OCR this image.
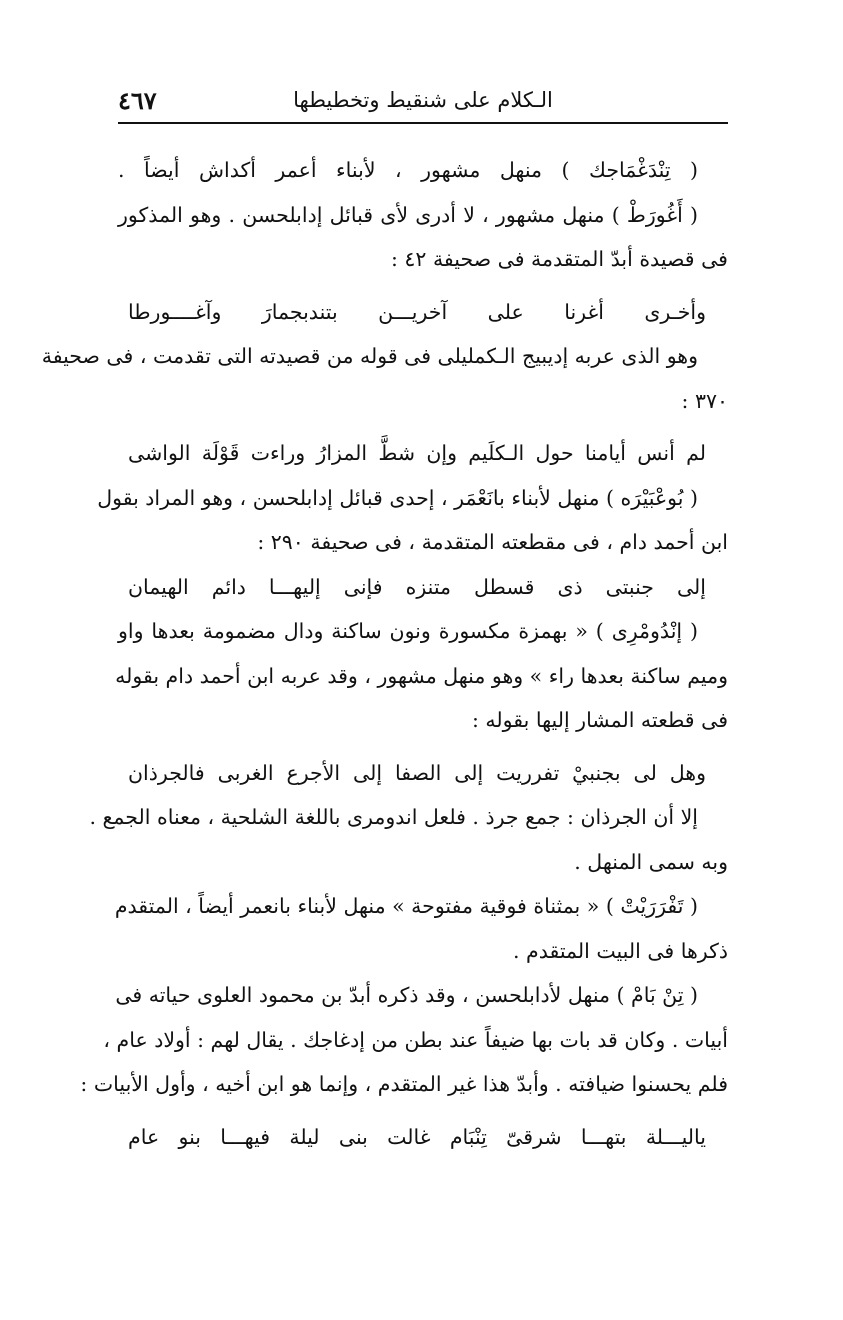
الـكلام على شنقيط وتخطيطها
٤٦٧
( تِنْدَغْمَاجك ) منهل مشهور ، لأبناء أعمر أكداش أيضاً .
( أَغُورَطْ ) منهل مشهور ، لا أدرى لأى قبائل إدابلحسن . وهو المذكور
فى قصيدة أبدّ المتقدمة فى صحيفة ٤٢ :
وأخـرى أغرنا على آخريـــن بتندبجمارَ وآغــــورطا
وهو الذى عربه إديبيج الـكمليلى فى قوله من قصيدته التى تقدمت ، فى صحيفة
٣٧٠ :
لم أنس أيامنا حول الـكلَيم وإن شطَّ المزارُ وراءت قَوْلَة الواشى
( بُوعْبَيْرَه ) منهل لأبناء بانَعْمَر ، إحدى قبائل إدابلحسن ، وهو المراد بقول
ابن أحمد دام ، فى مقطعته المتقدمة ، فى صحيفة ٢٩٠ :
إلى جنبتى ذى قسطل متنزه فإنى إليهـــا دائم الهيمان
( إنْدُومْرِى ) « بهمزة مكسورة ونون ساكنة ودال مضمومة بعدها واو
وميم ساكنة بعدها راء » وهو منهل مشهور ، وقد عربه ابن أحمد دام بقوله
فى قطعته المشار إليها بقوله :
وهل لى بجنبيْ تفرريت إلى الصفا إلى الأجرع الغربى فالجرذان
إلا أن الجرذان : جمع جرذ . فلعل اندومرى باللغة الشلحية ، معناه الجمع .
وبه سمى المنهل .
( تَفْرَرَيْتْ ) « بمثناة فوقية مفتوحة » منهل لأبناء بانعمر أيضاً ، المتقدم
ذكرها فى البيت المتقدم .
( تِنْ بَامْ ) منهل لأدابلحسن ، وقد ذكره أبدّ بن محمود العلوى حياته فى
أبيات . وكان قد بات بها ضيفاً عند بطن من إدغاجك . يقال لهم : أولاد عام ،
فلم يحسنوا ضيافته . وأبدّ هذا غير المتقدم ، وإنما هو ابن أخيه ، وأول الأبيات :
ياليـــلة بتهـــا شرقىّ تِنْبَام غالت بنى ليلة فيهـــا بنو عام
